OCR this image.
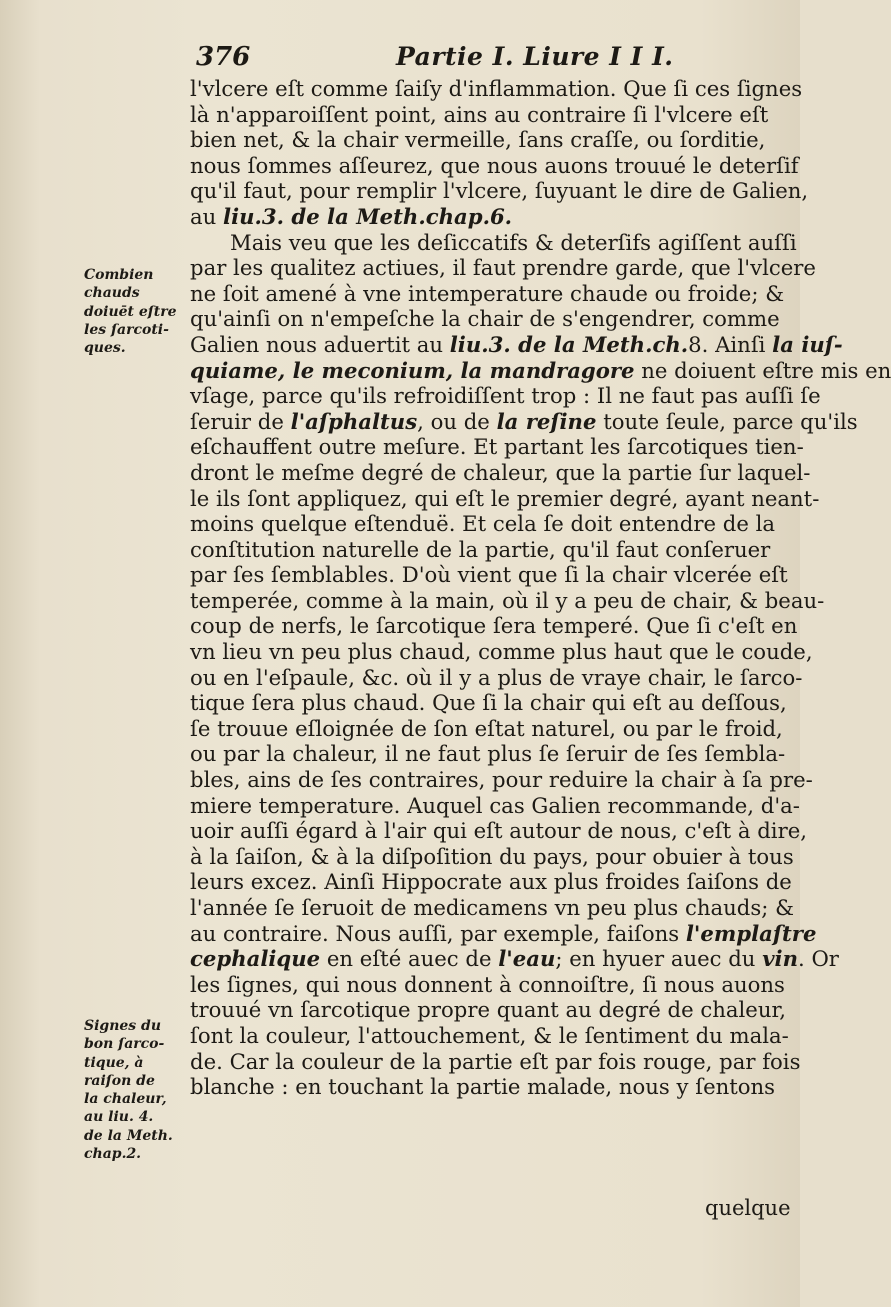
376	Partie I. Liure I I I.
Combien
chauds
doiuēt eſtre
les ſarcoti-
ques.
Signes du
bon ſarco-
tique, à
raiſon de
la chaleur,
au liu. 4.
de la Meth.
chap.2.
l'vlcere eſt comme ſaiſy d'inflammation. Que ſi ces ſignes
là n'apparoiſſent point, ains au contraire ſi l'vlcere eſt
bien net, & la chair vermeille, ſans craſſe, ou ſorditie,
nous ſommes aſſeurez, que nous auons trouué le deterſif
qu'il faut, pour remplir l'vlcere, ſuyuant le dire de Galien,
au liu.3. de la Meth.chap.6.
Mais veu que les deſiccatifs & deterſifs agiſſent auſſi
par les qualitez actiues, il faut prendre garde, que l'vlcere
ne ſoit amené à vne intemperature chaude ou froide; &
qu'ainſi on n'empeſche la chair de s'engendrer, comme
Galien nous aduertit au liu.3. de la Meth.ch.8. Ainſi la iuſ-
quiame, le meconium, la mandragore ne doiuent eſtre mis en
vſage, parce qu'ils refroidiſſent trop : Il ne faut pas auſſi ſe
ſeruir de l'aſphaltus, ou de la reſine toute ſeule, parce qu'ils
eſchauffent outre meſure. Et partant les ſarcotiques tien-
dront le meſme degré de chaleur, que la partie ſur laquel-
le ils ſont appliquez, qui eſt le premier degré, ayant neant-
moins quelque eſtenduë. Et cela ſe doit entendre de la
conſtitution naturelle de la partie, qu'il faut conſeruer
par ſes ſemblables. D'où vient que ſi la chair vlcerée eſt
temperée, comme à la main, où il y a peu de chair, & beau-
coup de nerfs, le ſarcotique ſera temperé. Que ſi c'eſt en
vn lieu vn peu plus chaud, comme plus haut que le coude,
ou en l'eſpaule, &c. où il y a plus de vraye chair, le ſarco-
tique ſera plus chaud. Que ſi la chair qui eſt au deſſous,
ſe trouue eſloignée de ſon eſtat naturel, ou par le froid,
ou par la chaleur, il ne faut plus ſe ſeruir de ſes ſembla-
bles, ains de ſes contraires, pour reduire la chair à ſa pre-
miere temperature. Auquel cas Galien recommande, d'a-
uoir auſſi égard à l'air qui eſt autour de nous, c'eſt à dire,
à la ſaiſon, & à la diſpoſition du pays, pour obuier à tous
leurs excez. Ainſi Hippocrate aux plus froides ſaiſons de
l'année ſe ſeruoit de medicamens vn peu plus chauds; &
au contraire. Nous auſſi, par exemple, faiſons l'emplaſtre
cephalique en eſté auec de l'eau; en hyuer auec du vin. Or
les ſignes, qui nous donnent à connoiſtre, ſi nous auons
trouué vn ſarcotique propre quant au degré de chaleur,
ſont la couleur, l'attouchement, & le ſentiment du mala-
de. Car la couleur de la partie eſt par fois rouge, par fois
blanche : en touchant la partie malade, nous y ſentons
quelque
